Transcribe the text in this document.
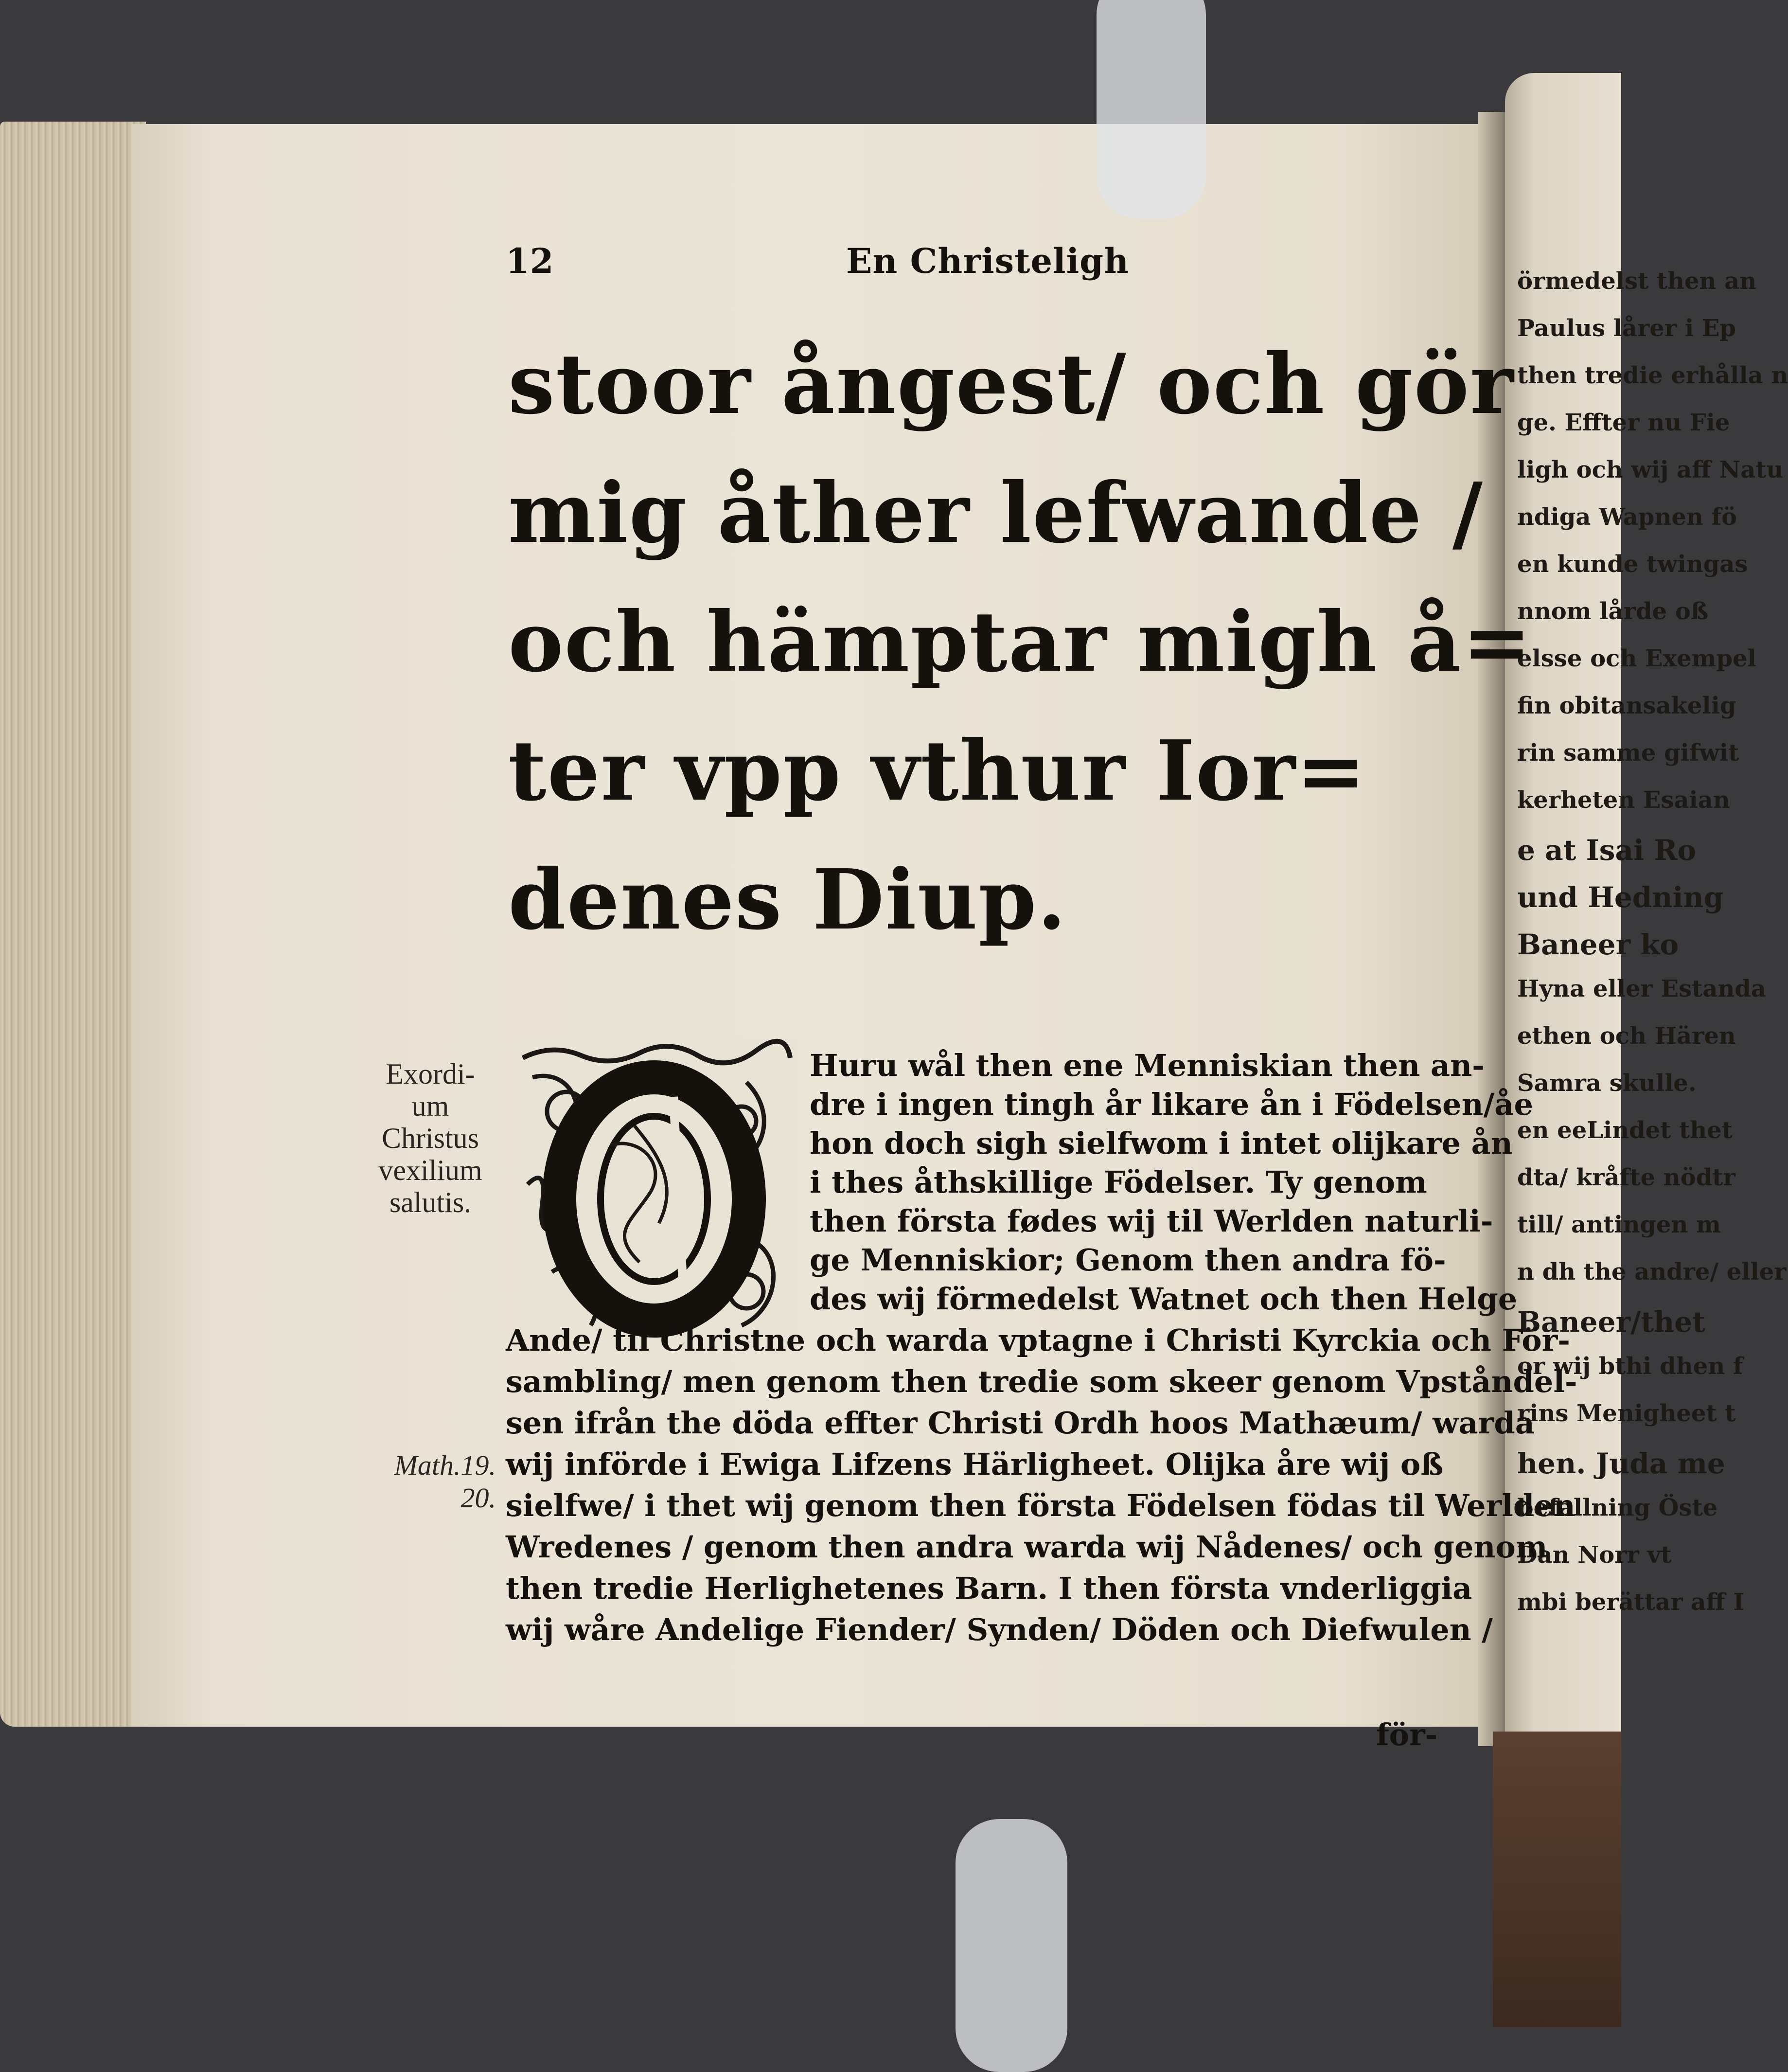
örmedelst then an
Paulus lårer i Ep
then tredie erhålla n
ge. Effter nu Fie
ligh och wij aff Natu
ndiga Wapnen fö
en kunde twingas
nnom lårde oß
elsse och Exempel
fin obitansakelig
rin samme gifwit
kerheten Esaian
e at Isai Ro
und Hedning
Baneer ko
Hyna eller Estanda
ethen och Hären
Samra skulle.
en eeLindet thet
dta/ kråfte nödtr
till/ antingen m
n dh the andre/ eller
Baneer/thet
or wij bthi dhen f
rins Menigheet t
hen. Juda me
befallning Öste
Dan Norr vt
mbi berättar aff I
12	En Christeligh
stoor ångest/ och gör
mig åther lefwande /
och hämptar migh å=
ter vpp vthur Ior=
denes Diup.
Exordi-
um
Christus
vexilium
salutis.
Math.19.
20.
Huru wål then ene Menniskian then an-
dre i ingen tingh år likare ån i Födelsen/åe
hon doch sigh sielfwom i intet olijkare ån
i thes åthskillige Födelser. Ty genom
then första fødes wij til Werlden naturli-
ge Menniskior; Genom then andra fö-
des wij förmedelst Watnet och then Helge
Ande/ til Christne och warda vptagne i Christi Kyrckia och För-
sambling/ men genom then tredie som skeer genom Vpståndel-
sen ifrån the döda effter Christi Ordh hoos Mathæum/ warda
wij införde i Ewiga Lifzens Härligheet. Olijka åre wij oß
sielfwe/ i thet wij genom then första Födelsen födas til Werlden
Wredenes / genom then andra warda wij Nådenes/ och genom
then tredie Herlighetenes Barn. I then första vnderliggia
wij wåre Andelige Fiender/ Synden/ Döden och Diefwulen /
för-
